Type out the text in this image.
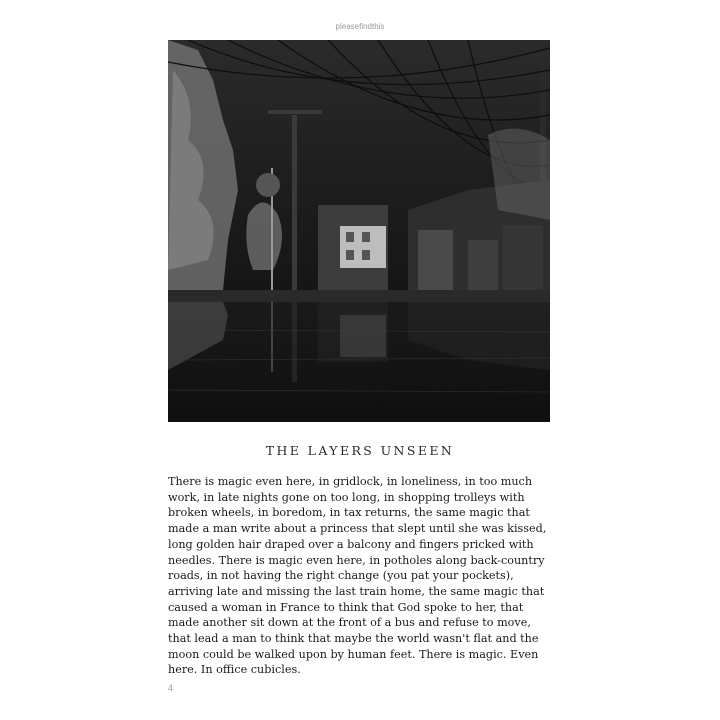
pleasefindthis
THE LAYERS UNSEEN

There is magic even here, in gridlock, in loneliness, in too much work, in late nights gone on too long, in shopping trolleys with broken wheels, in boredom, in tax returns, the same magic that made a man write about a princess that slept until she was kissed, long golden hair draped over a balcony and fingers pricked with needles. There is magic even here, in potholes along back-country roads, in not having the right change (you pat your pockets), arriving late and missing the last train home, the same magic that caused a woman in France to think that God spoke to her, that made another sit down at the front of a bus and refuse to move, that lead a man to think that maybe the world wasn't flat and the moon could be walked upon by human feet. There is magic. Even here. In office cubicles.

4
